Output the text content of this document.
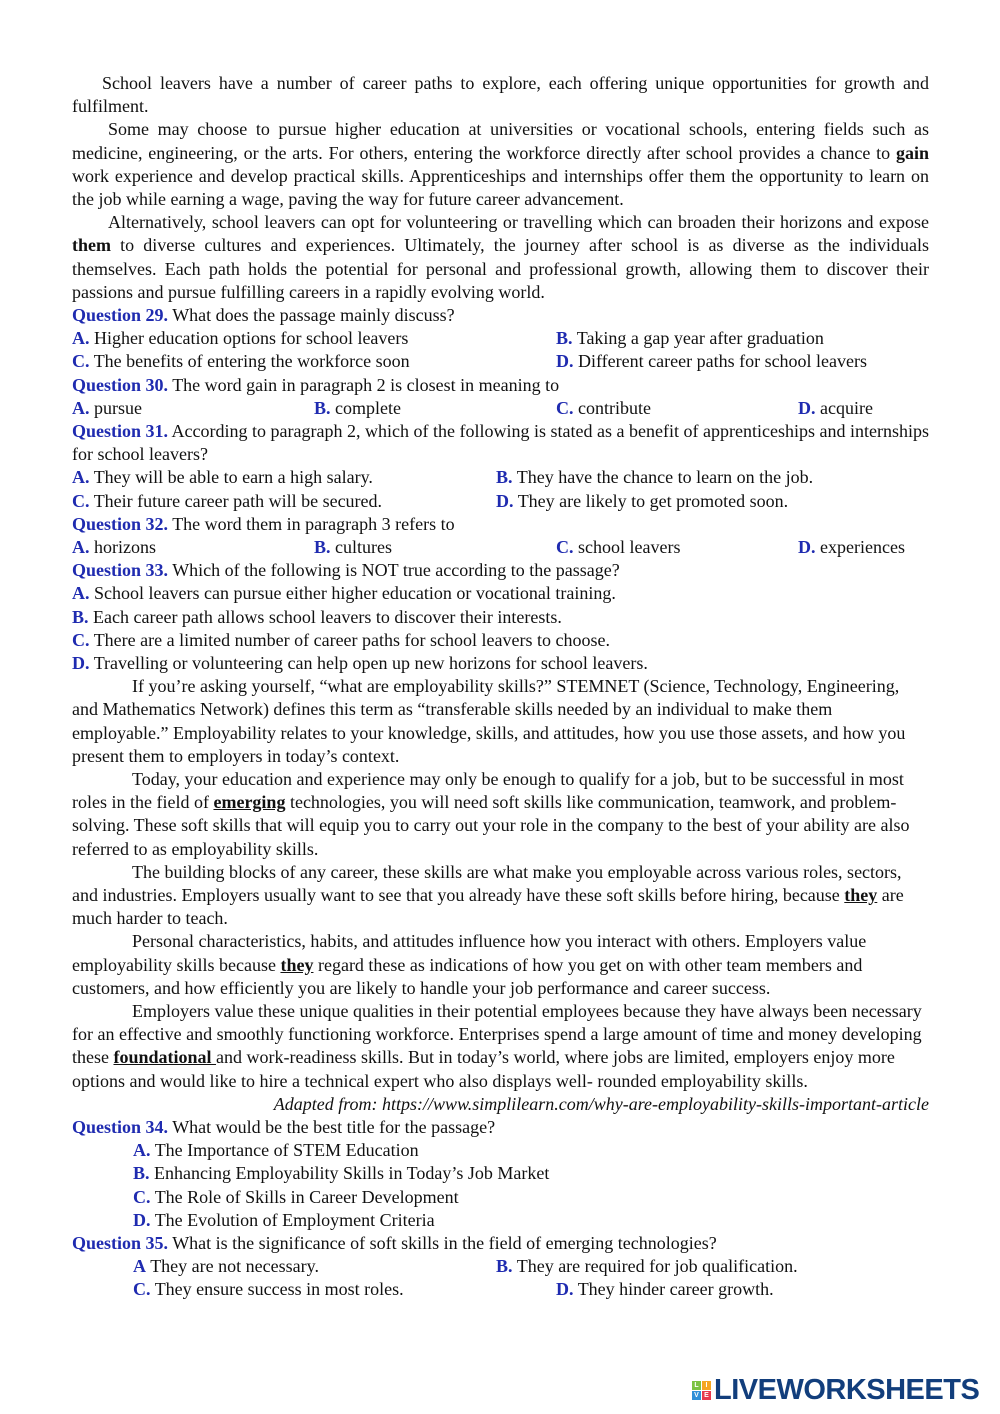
School leavers have a number of career paths to explore, each offering unique opportunities for growth and fulfilment.

Some may choose to pursue higher education at universities or vocational schools, entering fields such as medicine, engineering, or the arts. For others, entering the workforce directly after school provides a chance to gain work experience and develop practical skills. Apprenticeships and internships offer them the opportunity to learn on the job while earning a wage, paving the way for future career advancement.

Alternatively, school leavers can opt for volunteering or travelling which can broaden their horizons and expose them to diverse cultures and experiences. Ultimately, the journey after school is as diverse as the individuals themselves. Each path holds the potential for personal and professional growth, allowing them to discover their passions and pursue fulfilling careers in a rapidly evolving world.

Question 29. What does the passage mainly discuss?
A. Higher education options for school leavers	B. Taking a gap year after graduation
C. The benefits of entering the workforce soon	D. Different career paths for school leavers
Question 30. The word gain in paragraph 2 is closest in meaning to
A. pursue	B. complete	C. contribute	D. acquire
Question 31. According to paragraph 2, which of the following is stated as a benefit of apprenticeships and internships for school leavers?
A. They will be able to earn a high salary.	B. They have the chance to learn on the job.
C. Their future career path will be secured.	D. They are likely to get promoted soon.
Question 32. The word them in paragraph 3 refers to
A. horizons	B. cultures	C. school leavers	D. experiences
Question 33. Which of the following is NOT true according to the passage?
A. School leavers can pursue either higher education or vocational training.
B. Each career path allows school leavers to discover their interests.
C. There are a limited number of career paths for school leavers to choose.
D. Travelling or volunteering can help open up new horizons for school leavers.

If you’re asking yourself, “what are employability skills?” STEMNET (Science, Technology, Engineering, and Mathematics Network) defines this term as “transferable skills needed by an individual to make them employable.” Employability relates to your knowledge, skills, and attitudes, how you use those assets, and how you present them to employers in today’s context.

Today, your education and experience may only be enough to qualify for a job, but to be successful in most roles in the field of emerging technologies, you will need soft skills like communication, teamwork, and problem-solving. These soft skills that will equip you to carry out your role in the company to the best of your ability are also referred to as employability skills.

The building blocks of any career, these skills are what make you employable across various roles, sectors, and industries. Employers usually want to see that you already have these soft skills before hiring, because they are much harder to teach.

Personal characteristics, habits, and attitudes influence how you interact with others. Employers value employability skills because they regard these as indications of how you get on with other team members and customers, and how efficiently you are likely to handle your job performance and career success.

Employers value these unique qualities in their potential employees because they have always been necessary for an effective and smoothly functioning workforce. Enterprises spend a large amount of time and money developing these foundational and work-readiness skills. But in today’s world, where jobs are limited, employers enjoy more options and would like to hire a technical expert who also displays well- rounded employability skills.

Adapted from: https://www.simplilearn.com/why-are-employability-skills-important-article
Question 34. What would be the best title for the passage?
A. The Importance of STEM Education
B. Enhancing Employability Skills in Today’s Job Market
C. The Role of Skills in Career Development
D. The Evolution of Employment Criteria
Question 35. What is the significance of soft skills in the field of emerging technologies?
A They are not necessary.	B. They are required for job qualification.
C. They ensure success in most roles.	D. They hinder career growth.
L I
V E LIVEWORKSHEETS
